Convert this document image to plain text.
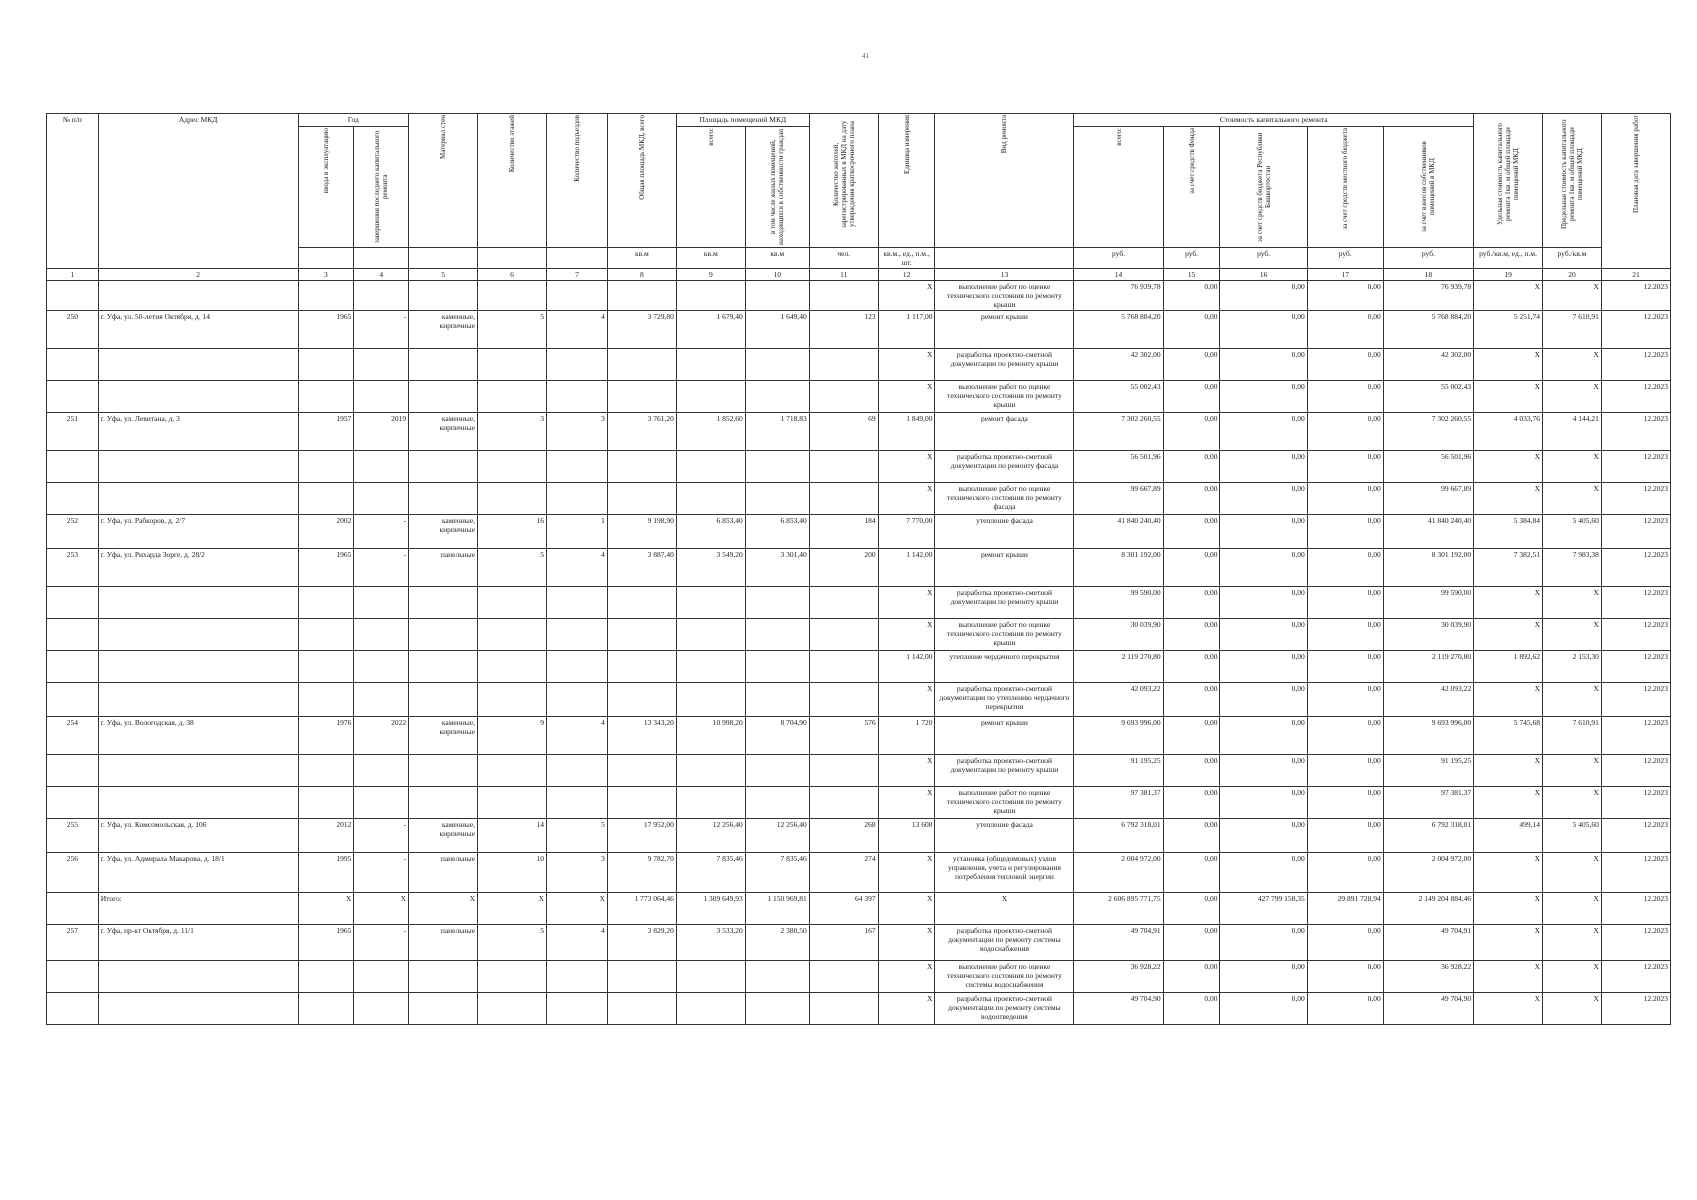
41
№ п/п	Адрес МКД	Год		Материал стен	Количество этажей	Количество подъездов	Общая площадь МКД, всего	Площадь помещений МКД		Количество жителей, зарегистрированных в МКД на дату утверждения краткосрочного плана	Единица измерения	Вид ремонта	Стоимость капитального ремонта					Удельная стоимость капитального ремонта 1кв. м общей площади помещений МКД	Предельная стоимость капитального ремонта 1кв. м общей площади помещений МКД	Плановая дата завершения работ

		ввода в эксплуатацию	завершения последнего капитального ремонта					всего:	в том числе жилых помещений, находящихся в собственности граждан				всего:	за счет средств Фонда	за счет средств бюджета Республики Башкортостан	за счет средств местного бюджета	за счет взносов собственников помещений в МКД			

							кв.м	кв.м	кв.м	чел.	кв.м., ед., п.м., шт.		руб.	руб.	руб.	руб.	руб.	руб./кв.м, ед., п.м.	руб./кв.м	
1	2	3	4	5	6	7	8	9	10	11	12	13	14	15	16	17	18	19	20	21
											X	выполнение работ по оценке технического состояния по ремонту крыши	76 939,78	0,00	0,00	0,00	76 939,78	X	X	12.2023
250	г. Уфа, ул. 50-летия Октября, д. 14	1965	-	каменные, кирпичные	5	4	3 729,80	1 679,40	1 649,40	123	1 117,00	ремонт крыши	5 768 884,20	0,00	0,00	0,00	5 768 884,20	5 251,74	7 610,91	12.2023
											X	разработка проектно-сметной документации по ремонту крыши	42 302,00	0,00	0,00	0,00	42 302,00	X	X	12.2023
											X	выполнение работ по оценке технического состояния по ремонту крыши	55 002,43	0,00	0,00	0,00	55 002,43	X	X	12.2023
251	г. Уфа, ул. Левитана, д. 3	1957	2019	каменные, кирпичные	3	3	3 761,20	1 852,60	1 718,83	69	1 849,00	ремонт фасада	7 302 260,55	0,00	0,00	0,00	7 302 260,55	4 033,76	4 144,21	12.2023
											X	разработка проектно-сметной документации по ремонту фасада	56 501,96	0,00	0,00	0,00	56 501,96	X	X	12.2023
											X	выполнение работ по оценке технического состояния по ремонту фасада	99 667,89	0,00	0,00	0,00	99 667,89	X	X	12.2023
252	г. Уфа, ул. Рабкоров, д. 2/7	2002	-	каменные, кирпичные	16	1	9 198,90	6 853,40	6 853,40	184	7 770,00	утепление фасада	41 840 240,40	0,00	0,00	0,00	41 840 240,40	5 384,84	5 405,60	12.2023
253	г. Уфа, ул. Рихарда Зорге, д. 28/2	1965	-	панельные	5	4	3 887,40	3 549,20	3 301,40	200	1 142,00	ремонт крыши	8 301 192,00	0,00	0,00	0,00	8 301 192,00	7 382,51	7 983,38	12.2023
											X	разработка проектно-сметной документации по ремонту крыши	99 590,00	0,00	0,00	0,00	99 590,00	X	X	12.2023
											X	выполнение работ по оценке технического состояния по ремонту крыши	30 039,90	0,00	0,00	0,00	30 039,90	X	X	12.2023
											1 142,00	утепление чердачного перекрытия	2 119 270,80	0,00	0,00	0,00	2 119 270,80	1 892,62	2 153,30	12.2023
											X	разработка проектно-сметной документации по утеплению чердачного перекрытия	42 093,22	0,00	0,00	0,00	42 093,22	X	X	12.2023
254	г. Уфа, ул. Вологодская, д. 38	1976	2022	каменные, кирпичные	9	4	13 343,20	10 998,20	8 704,90	576	1 720	ремонт крыши	9 693 996,00	0,00	0,00	0,00	9 693 996,00	5 745,68	7 610,91	12.2023
											X	разработка проектно-сметной документации по ремонту крыши	91 195,25	0,00	0,00	0,00	91 195,25	X	X	12.2023
											X	выполнение работ по оценке технического состояния по ремонту крыши	97 381,37	0,00	0,00	0,00	97 381,37	X	X	12.2023
255	г. Уфа, ул. Комсомольская, д. 106	2012	-	каменные, кирпичные	14	5	17 952,00	12 256,40	12 256,40	268	13 608	утепление фасада	6 792 318,01	0,00	0,00	0,00	6 792 318,01	499,14	5 405,60	12.2023
256	г. Уфа, ул. Адмирала Макарова, д. 18/1	1995	-	панельные	10	3	9 782,70	7 835,46	7 835,46	274	X	установка (общедомовых) узлов управления, учета и регулирования потребления тепловой энергии	2 004 972,00	0,00	0,00	0,00	2 004 972,00	X	X	12.2023
	Итого:	X	X	X	X	X	1 773 064,46	1 309 649,93	1 150 969,81	64 397	X	X	2 606 895 771,75	0,00	427 799 158,35	29 891 728,94	2 149 204 884,46	X	X	12.2023
257	г. Уфа, пр-кт Октября, д. 11/1	1965	-	панельные	5	4	3 829,20	3 533,20	2 380,50	167	X	разработка проектно-сметной документации по ремонту системы водоснабжения	49 704,91	0,00	0,00	0,00	49 704,91	X	X	12.2023
											X	выполнение работ по оценке технического состояния по ремонту системы водоснабжения	36 928,22	0,00	0,00	0,00	36 928,22	X	X	12.2023
											X	разработка проектно-сметной документации по ремонту системы водоотведения	49 704,90	0,00	0,00	0,00	49 704,90	X	X	12.2023
